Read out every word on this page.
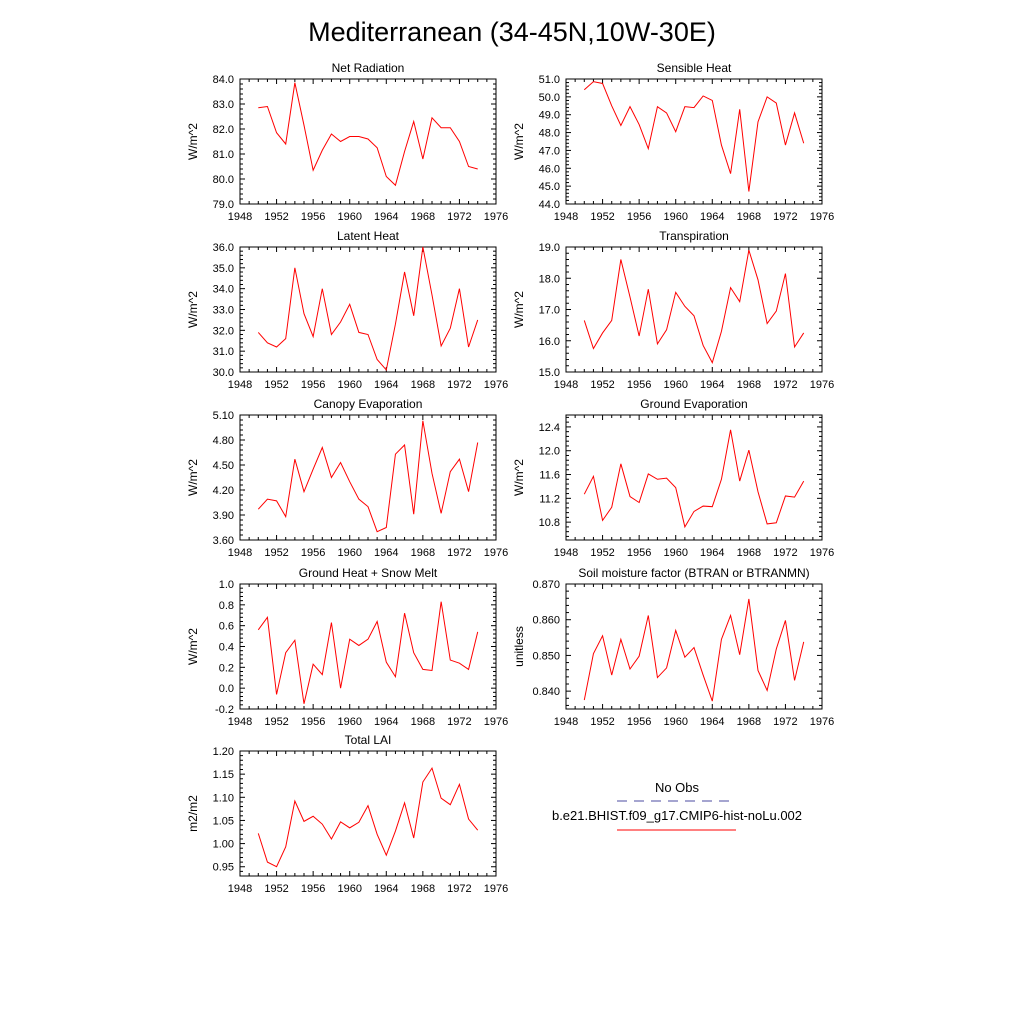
Mediterranean (34-45N,10W-30E)
Net Radiation
W/m^2
1948 1952 1956 1960 1964 1968 1972 1976
79.0
80.0
81.0
82.0
83.0
84.0
Sensible Heat
W/m^2
1948 1952 1956 1960 1964 1968 1972 1976
44.0
45.0
46.0
47.0
48.0
49.0
50.0
51.0
Latent Heat
W/m^2
1948 1952 1956 1960 1964 1968 1972 1976
30.0
31.0
32.0
33.0
34.0
35.0
36.0
Transpiration
W/m^2
1948 1952 1956 1960 1964 1968 1972 1976
15.0
16.0
17.0
18.0
19.0
Canopy Evaporation
W/m^2
1948 1952 1956 1960 1964 1968 1972 1976
3.60
3.90
4.20
4.50
4.80
5.10
Ground Evaporation
W/m^2
1948 1952 1956 1960 1964 1968 1972 1976
10.8
11.2
11.6
12.0
12.4
Ground Heat + Snow Melt
W/m^2
1948 1952 1956 1960 1964 1968 1972 1976
-0.2
0.0
0.2
0.4
0.6
0.8
1.0
Soil moisture factor (BTRAN or BTRANMN)
unitless
1948 1952 1956 1960 1964 1968 1972 1976
0.840
0.850
0.860
0.870
Total LAI
m2/m2
1948 1952 1956 1960 1964 1968 1972 1976
0.95
1.00
1.05
1.10
1.15
1.20
No Obs
b.e21.BHIST.f09_g17.CMIP6-hist-noLu.002
